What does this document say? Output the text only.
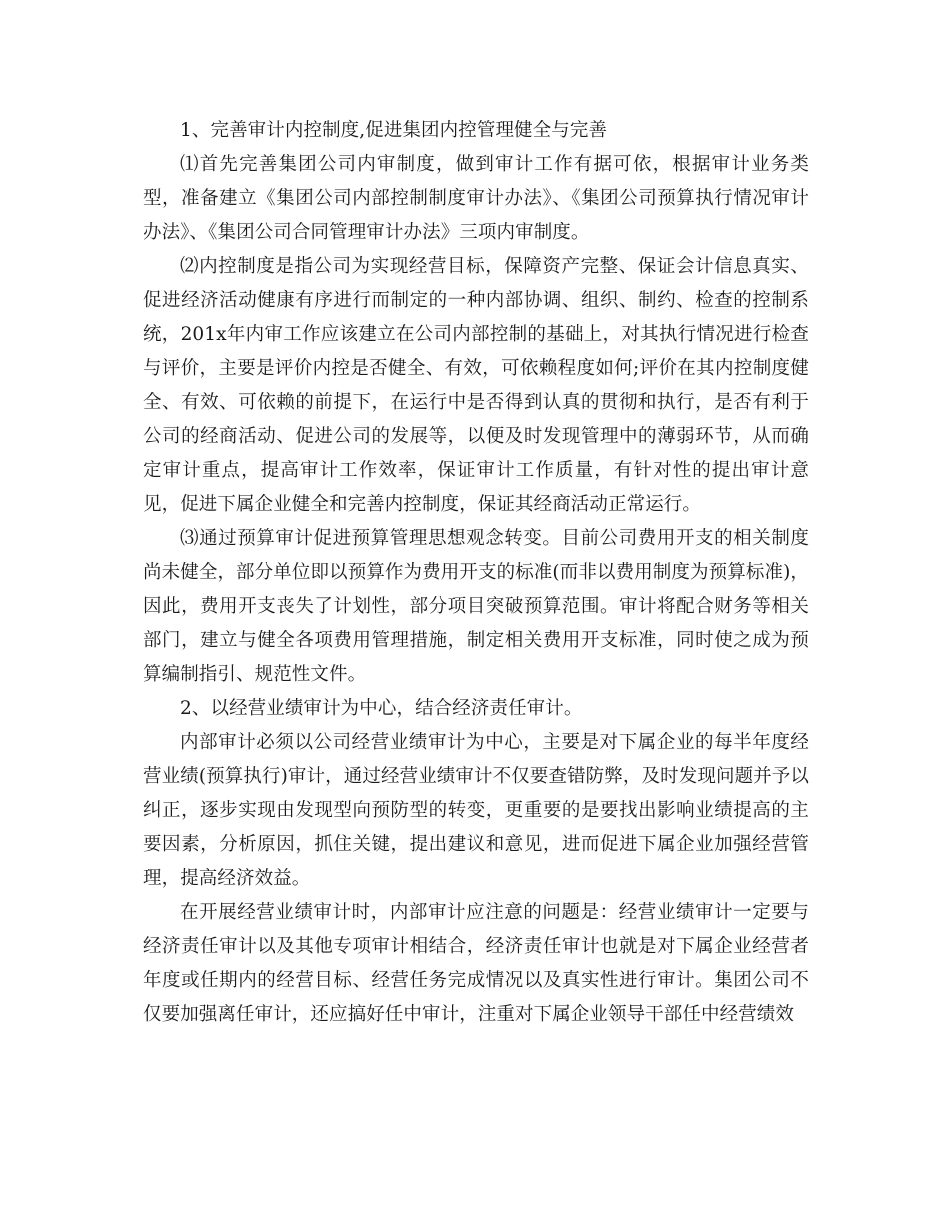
1、完善审计内控制度,促进集团内控管理健全与完善

⑴首先完善集团公司内审制度，做到审计工作有据可依，根据审计业务类型，准备建立《集团公司内部控制制度审计办法》、《集团公司预算执行情况审计办法》、《集团公司合同管理审计办法》三项内审制度。

⑵内控制度是指公司为实现经营目标，保障资产完整、保证会计信息真实、促进经济活动健康有序进行而制定的一种内部协调、组织、制约、检查的控制系统，201x年内审工作应该建立在公司内部控制的基础上，对其执行情况进行检查与评价，主要是评价内控是否健全、有效，可依赖程度如何;评价在其内控制度健全、有效、可依赖的前提下，在运行中是否得到认真的贯彻和执行，是否有利于公司的经商活动、促进公司的发展等，以便及时发现管理中的薄弱环节，从而确定审计重点，提高审计工作效率，保证审计工作质量，有针对性的提出审计意见，促进下属企业健全和完善内控制度，保证其经商活动正常运行。

⑶通过预算审计促进预算管理思想观念转变。目前公司费用开支的相关制度尚未健全，部分单位即以预算作为费用开支的标准(而非以费用制度为预算标准)，因此，费用开支丧失了计划性，部分项目突破预算范围。审计将配合财务等相关部门，建立与健全各项费用管理措施，制定相关费用开支标准，同时使之成为预算编制指引、规范性文件。

2、以经营业绩审计为中心，结合经济责任审计。

内部审计必须以公司经营业绩审计为中心，主要是对下属企业的每半年度经营业绩(预算执行)审计，通过经营业绩审计不仅要查错防弊，及时发现问题并予以纠正，逐步实现由发现型向预防型的转变，更重要的是要找出影响业绩提高的主要因素，分析原因，抓住关键，提出建议和意见，进而促进下属企业加强经营管理，提高经济效益。

在开展经营业绩审计时，内部审计应注意的问题是：经营业绩审计一定要与经济责任审计以及其他专项审计相结合，经济责任审计也就是对下属企业经营者年度或任期内的经营目标、经营任务完成情况以及真实性进行审计。集团公司不仅要加强离任审计，还应搞好任中审计，注重对下属企业领导干部任中经营绩效
